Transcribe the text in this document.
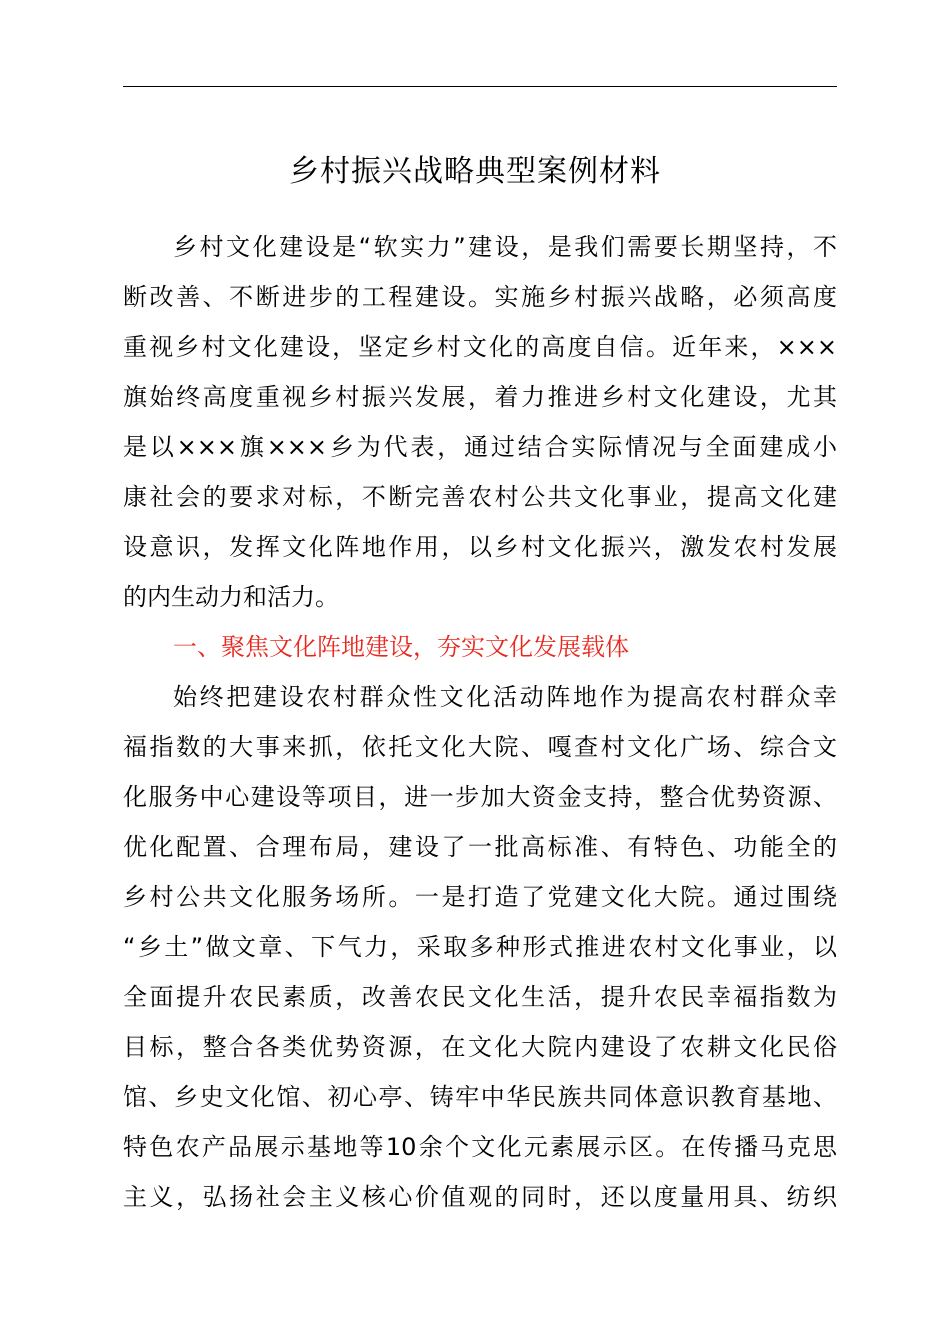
乡村振兴战略典型案例材料
乡村文化建设是“软实力”建设，是我们需要长期坚持，不
断改善、不断进步的工程建设。实施乡村振兴战略，必须高度
重视乡村文化建设，坚定乡村文化的高度自信。近年来，×××
旗始终高度重视乡村振兴发展，着力推进乡村文化建设，尤其
是以×××旗×××乡为代表，通过结合实际情况与全面建成小
康社会的要求对标，不断完善农村公共文化事业，提高文化建
设意识，发挥文化阵地作用，以乡村文化振兴，激发农村发展
的内生动力和活力。
一、聚焦文化阵地建设，夯实文化发展载体
始终把建设农村群众性文化活动阵地作为提高农村群众幸
福指数的大事来抓，依托文化大院、嘎查村文化广场、综合文
化服务中心建设等项目，进一步加大资金支持，整合优势资源、
优化配置、合理布局，建设了一批高标准、有特色、功能全的
乡村公共文化服务场所。一是打造了党建文化大院。通过围绕
“乡土”做文章、下气力，采取多种形式推进农村文化事业，以
全面提升农民素质，改善农民文化生活，提升农民幸福指数为
目标，整合各类优势资源，在文化大院内建设了农耕文化民俗
馆、乡史文化馆、初心亭、铸牢中华民族共同体意识教育基地、
特色农产品展示基地等10余个文化元素展示区。在传播马克思
主义，弘扬社会主义核心价值观的同时，还以度量用具、纺织
